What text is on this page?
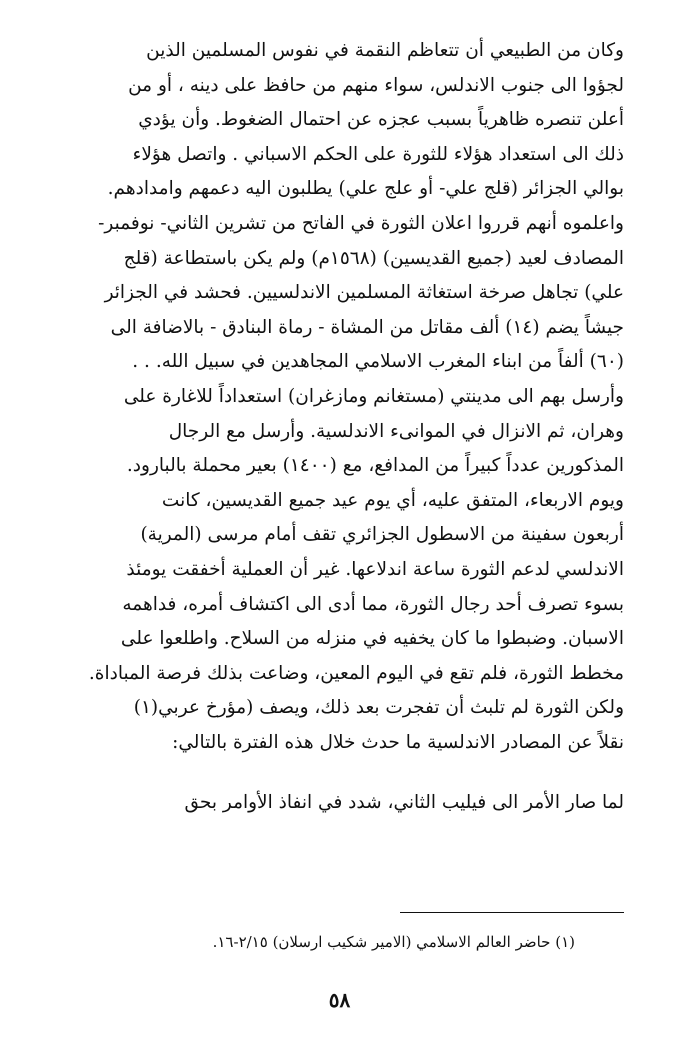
وكان من الطبيعي أن تتعاظم النقمة في نفوس المسلمين الذين
لجؤوا الى جنوب الاندلس، سواء منهم من حافظ على دينه ، أو من
أعلن تنصره ظاهرياً بسبب عجزه عن احتمال الضغوط. وأن يؤدي
ذلك الى استعداد هؤلاء للثورة على الحكم الاسباني . واتصل هؤلاء
بوالي الجزائر (قلج علي- أو علج علي) يطلبون اليه دعمهم وامدادهم.
واعلموه أنهم قرروا اعلان الثورة في الفاتح من تشرين الثاني- نوفمبر-
المصادف لعيد (جميع القديسين) (١٥٦٨م) ولم يكن باستطاعة (قلج
علي) تجاهل صرخة استغاثة المسلمين الاندلسيين. فحشد في الجزائر
جيشاً يضم (١٤) ألف مقاتل من المشاة - رماة البنادق - بالاضافة الى
(٦٠) ألفاً من ابناء المغرب الاسلامي المجاهدين في سبيل الله. . .
وأرسل بهم الى مدينتي (مستغانم ومازغران) استعداداً للاغارة على
وهران، ثم الانزال في الموانىء الاندلسية. وأرسل مع الرجال
المذكورين عدداً كبيراً من المدافع، مع (١٤٠٠) بعير محملة بالبارود.
ويوم الاربعاء، المتفق عليه، أي يوم عيد جميع القديسين، كانت
أربعون سفينة من الاسطول الجزائري تقف أمام مرسى (المرية)
الاندلسي لدعم الثورة ساعة اندلاعها. غير أن العملية أخفقت يومئذ
بسوء تصرف أحد رجال الثورة، مما أدى الى اكتشاف أمره، فداهمه
الاسبان. وضبطوا ما كان يخفيه في منزله من السلاح. واطلعوا على
مخطط الثورة، فلم تقع في اليوم المعين، وضاعت بذلك فرصة المباداة.
ولكن الثورة لم تلبث أن تفجرت بعد ذلك، ويصف (مؤرخ عربي(١)
نقلاً عن المصادر الاندلسية ما حدث خلال هذه الفترة بالتالي:
لما صار الأمر الى فيليب الثاني، شدد في انفاذ الأوامر بحق
(١) حاضر العالم الاسلامي (الامير شكيب ارسلان) ٢/١٥-١٦.
٥٨
